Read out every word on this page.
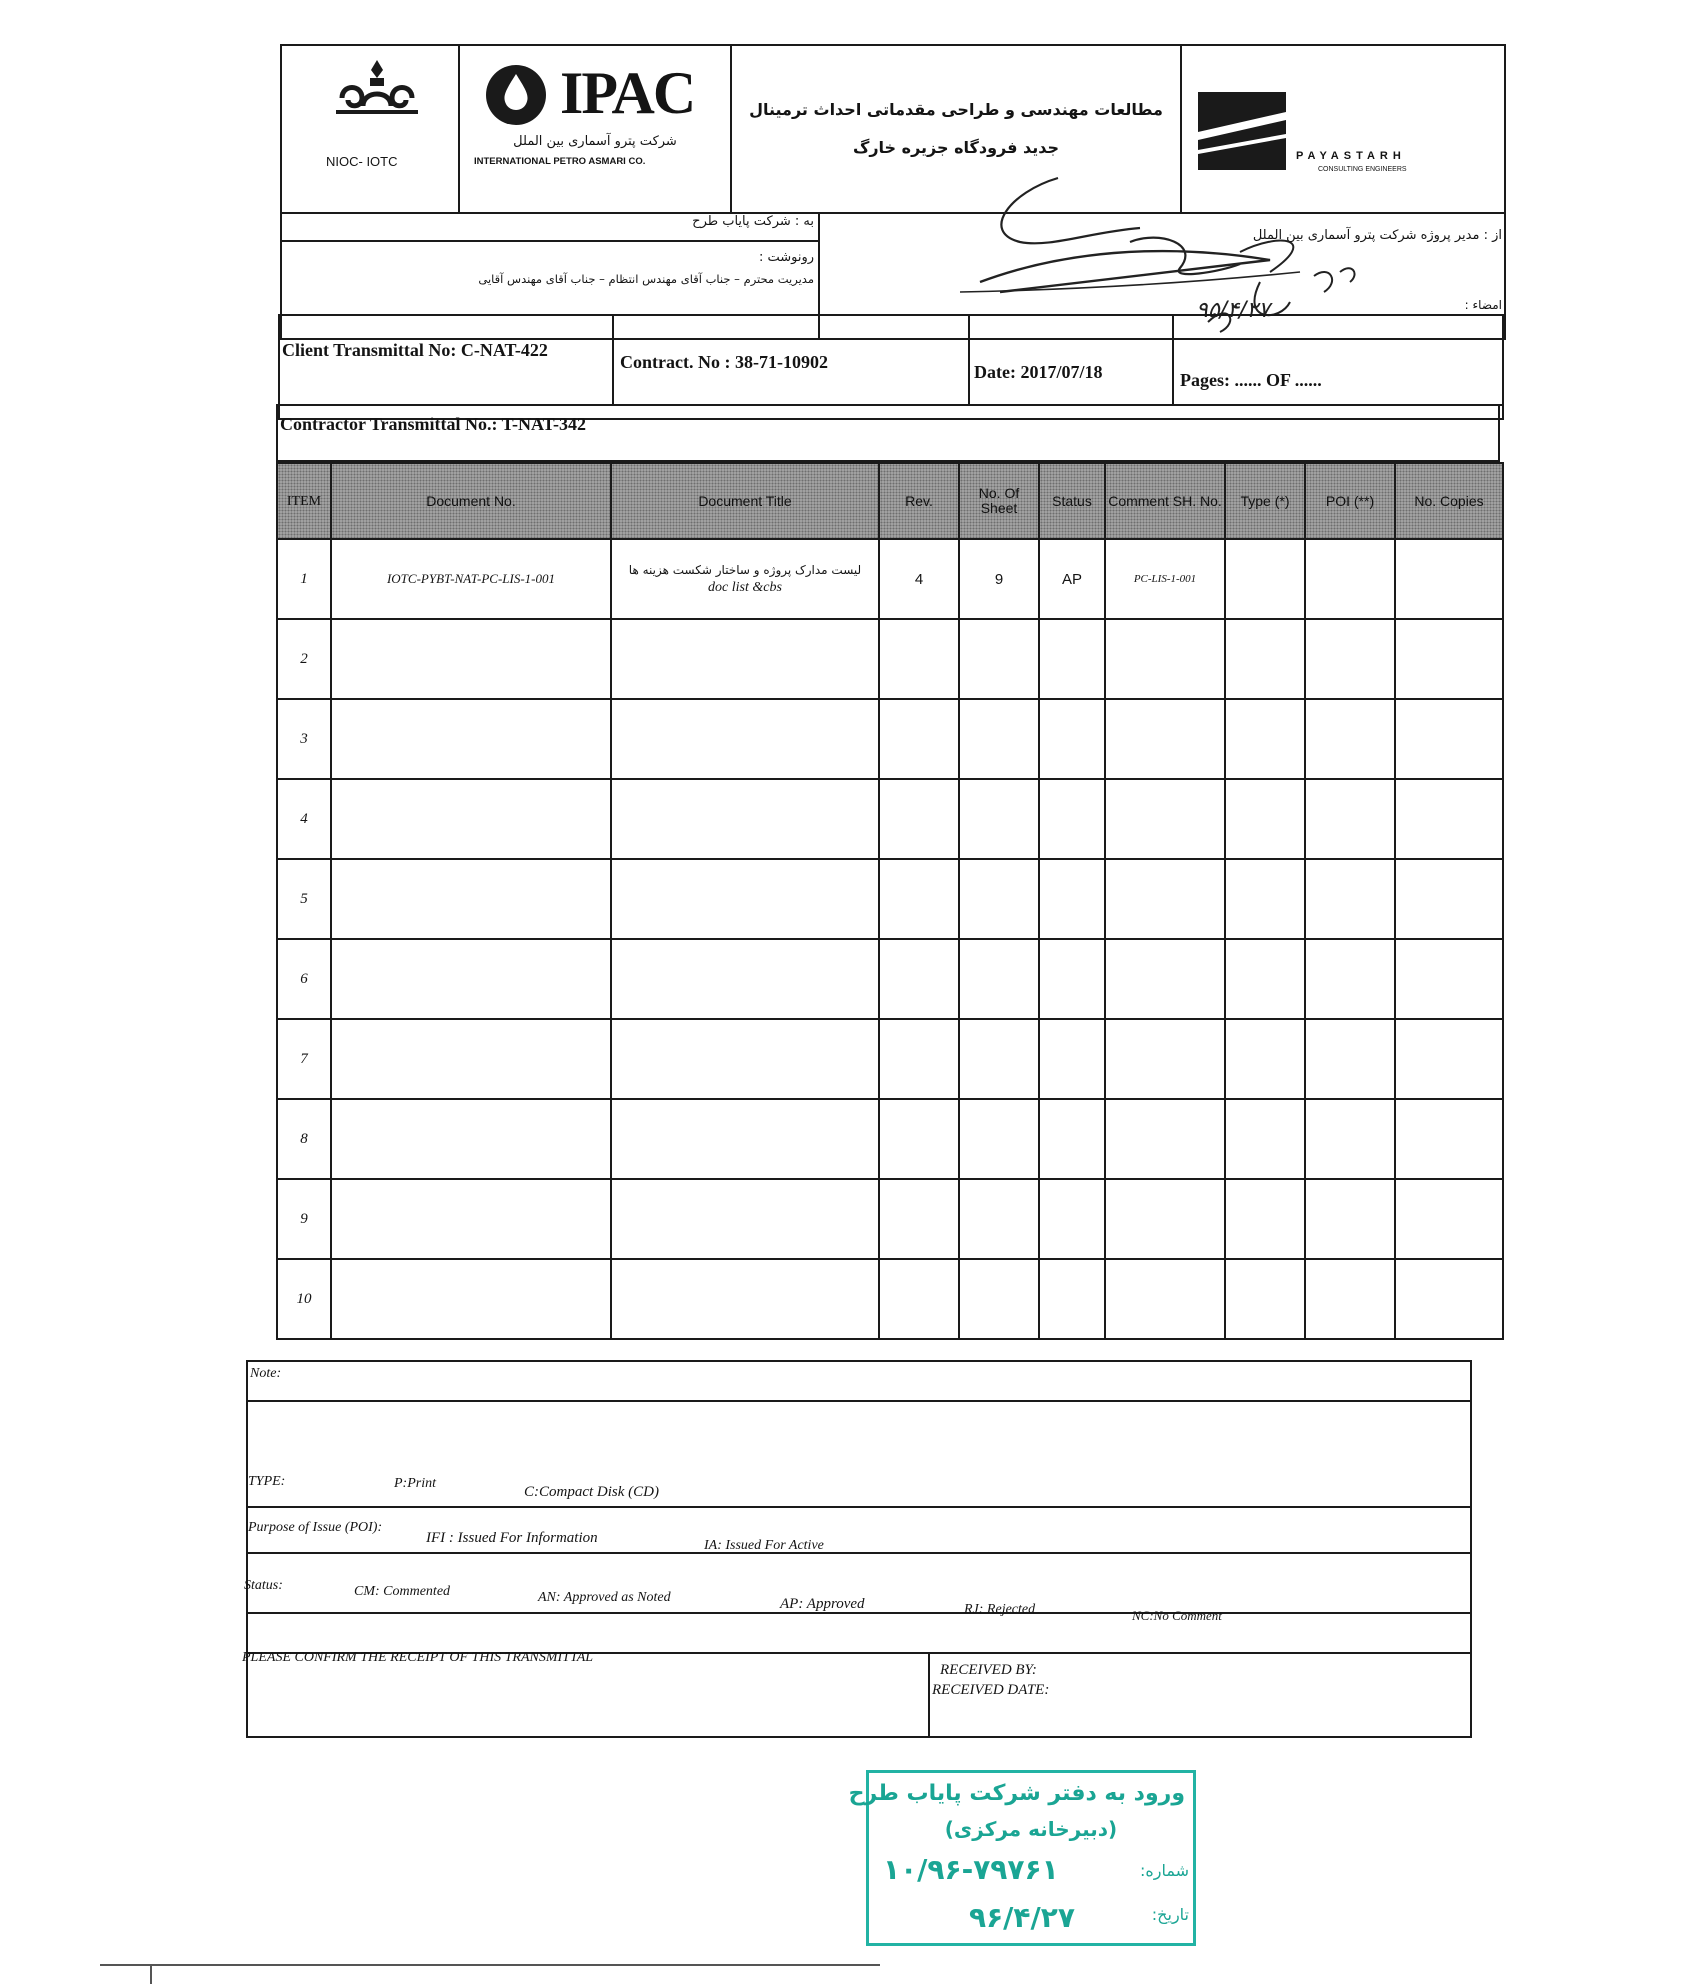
NIOC- IOTC
IPAC
شرکت پترو آسماری بین الملل
INTERNATIONAL PETRO ASMARI CO.
مطالعات مهندسی و طراحی مقدماتی احداث ترمینال
جدید فرودگاه جزیره خارگ	PAYASTARH
CONSULTING ENGINEERS
به : شرکت پایاب طرح
رونوشت :
مدیریت محترم – جناب آقای مهندس انتظام – جناب آقای مهندس آقایی
از : مدیر پروژه شرکت پترو آسماری بین الملل
امضاء :
۹۵/۴/۲۷
Client Transmittal No: C-NAT-422
Contract. No : 38-71-10902	Date: 2017/07/18	Pages: ...... OF ......
Contractor Transmittal No.: T-NAT-342
ITEM	Document No.	Document Title	Rev.	No. Of Sheet	Status	Comment SH. No.	Type (*)	POI (**)	No. Copies
1	IOTC-PYBT-NAT-PC-LIS-1-001	لیست مدارک پروژه و ساختار شکست هزینه ها
doc list &cbs	4	9	AP	PC-LIS-1-001			
2									
3									
4									
5									
6									
7									
8									
9									
10									
Note:
TYPE:	P:Print
C:Compact Disk (CD)
Purpose of Issue (POI):
IFI : Issued For Information	IA: Issued For Active
Status:	CM: Commented	AN: Approved as Noted	AP: Approved	RJ: Rejected	NC:No Comment
PLEASE CONFIRM THE RECEIPT OF THIS TRANSMITTAL
RECEIVED BY:
RECEIVED DATE:
ورود به دفتر شرکت پایاب طرح
(دبیرخانه مرکزی)
شماره:
۱۰/۹۶-۷۹۷۶۱
تاریخ:
۹۶/۴/۲۷
